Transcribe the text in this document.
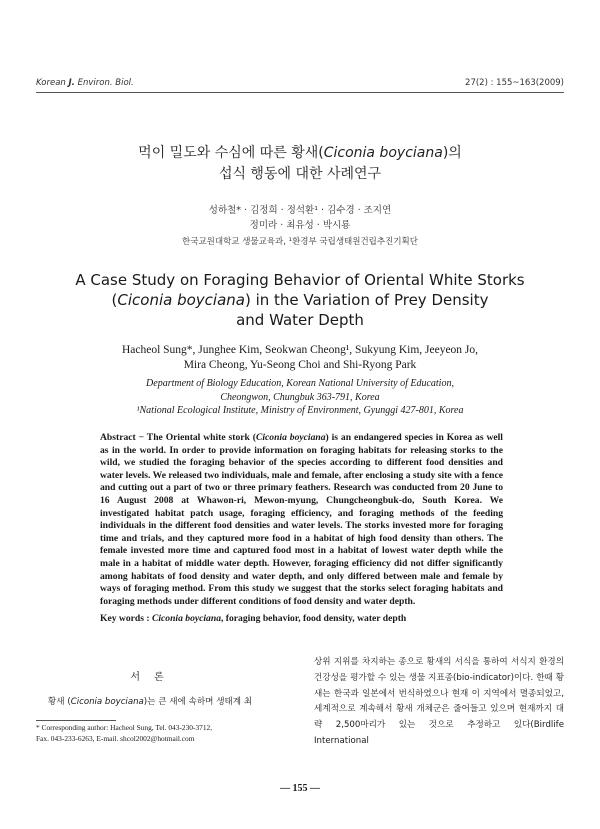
Korean J. Environ. Biol.	27(2) : 155~163(2009)
먹이 밀도와 수심에 따른 황새(Ciconia boyciana)의
섭식 행동에 대한 사례연구
성하철* · 김정희 · 정석환¹ · 김수경 · 조지연
정미라 · 최유성 · 박시룡
한국교원대학교 생물교육과, ¹환경부 국립생태원건립추진기획단
A Case Study on Foraging Behavior of Oriental White Storks
(Ciconia boyciana) in the Variation of Prey Density
and Water Depth
Hacheol Sung*, Junghee Kim, Seokwan Cheong¹, Sukyung Kim, Jeeyeon Jo,
Mira Cheong, Yu-Seong Choi and Shi-Ryong Park
Department of Biology Education, Korean National University of Education,
Cheongwon, Chungbuk 363-791, Korea
¹National Ecological Institute, Ministry of Environment, Gyunggi 427-801, Korea

Abstract − The Oriental white stork (Ciconia boyciana) is an endangered species in Korea as well as in the world. In order to provide information on foraging habitats for releasing storks to the wild, we studied the foraging behavior of the species according to different food densities and water levels. We released two individuals, male and female, after enclosing a study site with a fence and cutting out a part of two or three primary feathers. Research was conducted from 20 June to 16 August 2008 at Whawon-ri, Mewon-myung, Chungcheongbuk-do, South Korea. We investigated habitat patch usage, foraging efficiency, and foraging methods of the feeding individuals in the different food densities and water levels. The storks invested more for foraging time and trials, and they captured more food in a habitat of high food density than others. The female invested more time and captured food most in a habitat of lowest water depth while the male in a habitat of middle water depth. However, foraging efficiency did not differ significantly among habitats of food density and water depth, and only differed between male and female by ways of foraging method. From this study we suggest that the storks select foraging habitats and foraging methods under different conditions of food density and water depth.

Key words : Ciconia boyciana, foraging behavior, food density, water depth

서론

황새 (Ciconia boyciana)는 큰 새에 속하며 생태계 최

* Corresponding author: Hacheol Sung, Tel. 043-230-3712,
Fax. 043-233-6263, E-mail. shcol2002@hotmail.com

상위 지위를 차지하는 종으로 황새의 서식을 통하여 서식지 환경의 건강성을 평가할 수 있는 생물 지표종(bio-indicator)이다. 한때 황새는 한국과 일본에서 번식하였으나 현재 이 지역에서 멸종되었고, 세계적으로 계속해서 황새 개체군은 줄어들고 있으며 현재까지 대략 2,500마리가 있는 것으로 추정하고 있다(Birdlife International

— 155 —
